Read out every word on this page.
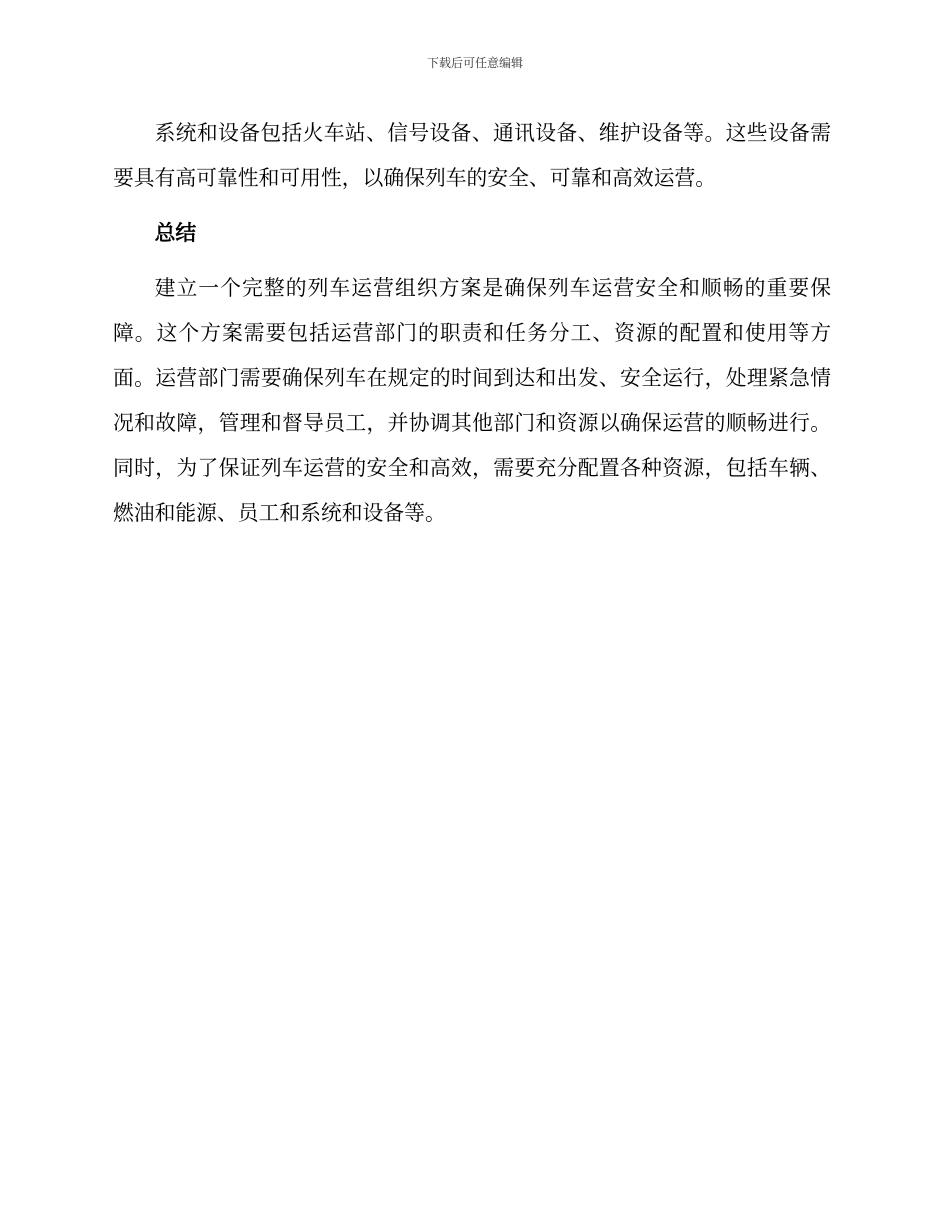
下载后可任意编辑

系统和设备包括火车站、信号设备、通讯设备、维护设备等。这些设备需要具有高可靠性和可用性，以确保列车的安全、可靠和高效运营。

总结

建立一个完整的列车运营组织方案是确保列车运营安全和顺畅的重要保障。这个方案需要包括运营部门的职责和任务分工、资源的配置和使用等方面。运营部门需要确保列车在规定的时间到达和出发、安全运行，处理紧急情况和故障，管理和督导员工，并协调其他部门和资源以确保运营的顺畅进行。同时，为了保证列车运营的安全和高效，需要充分配置各种资源，包括车辆、燃油和能源、员工和系统和设备等。
